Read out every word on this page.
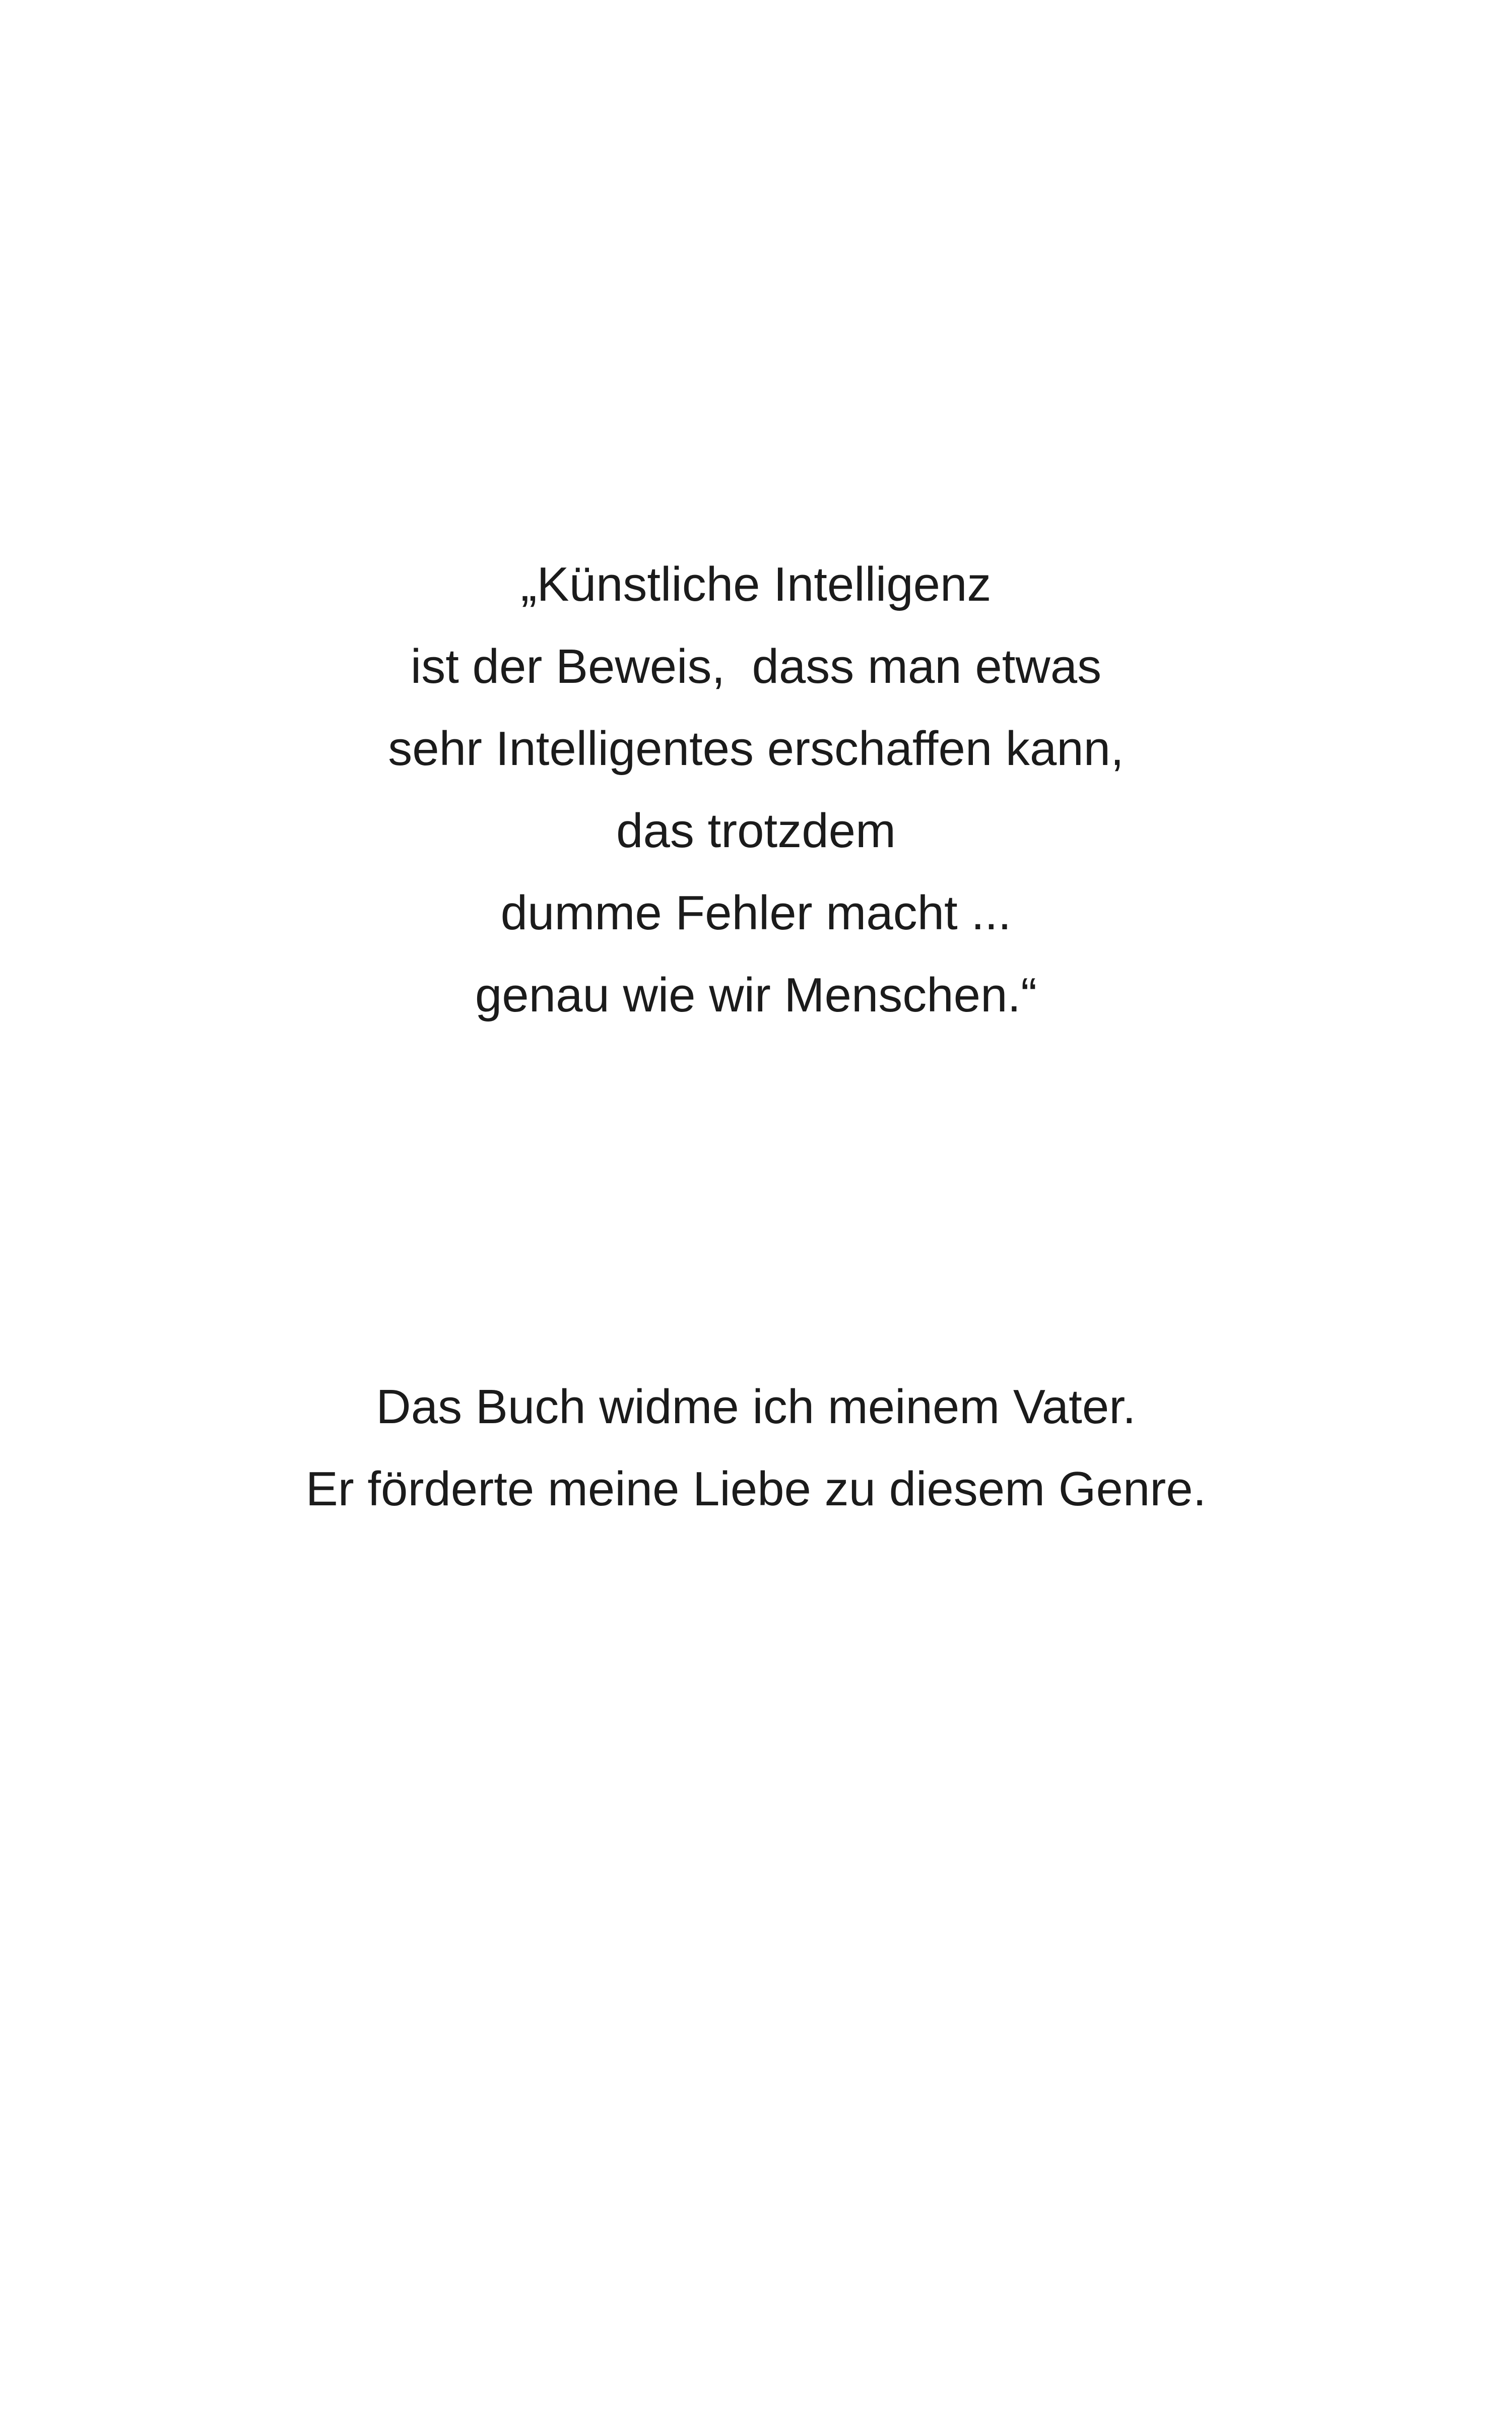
„Künstliche Intelligenz
ist der Beweis,  dass man etwas
sehr Intelligentes erschaffen kann,
das trotzdem
dumme Fehler macht ...
genau wie wir Menschen.“
Das Buch widme ich meinem Vater.
Er förderte meine Liebe zu diesem Genre.
